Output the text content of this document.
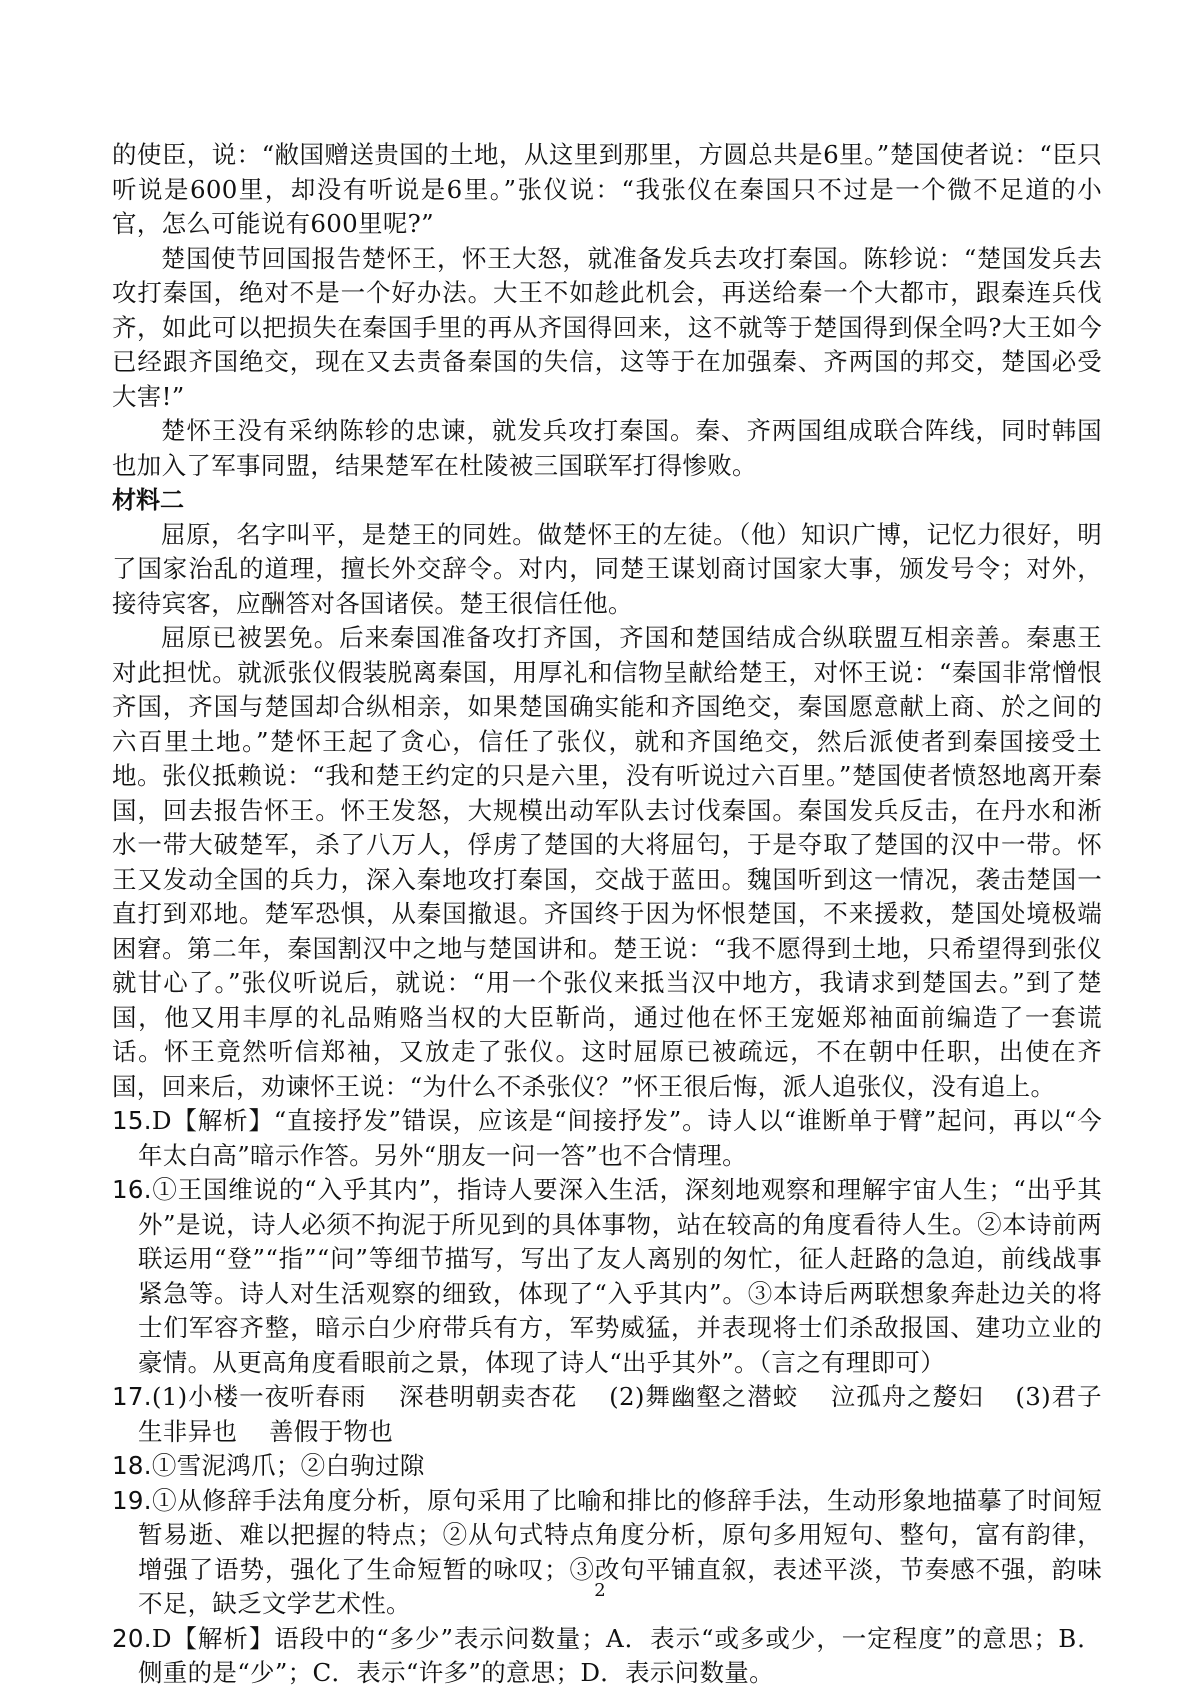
的使臣，说：“敝国赠送贵国的土地，从这里到那里，方圆总共是6里。”楚国使者说：“臣只听说是600里，却没有听说是6里。”张仪说：“我张仪在秦国只不过是一个微不足道的小官，怎么可能说有600里呢?”

楚国使节回国报告楚怀王，怀王大怒，就准备发兵去攻打秦国。陈轸说：“楚国发兵去攻打秦国，绝对不是一个好办法。大王不如趁此机会，再送给秦一个大都市，跟秦连兵伐齐，如此可以把损失在秦国手里的再从齐国得回来，这不就等于楚国得到保全吗?大王如今已经跟齐国绝交，现在又去责备秦国的失信，这等于在加强秦、齐两国的邦交，楚国必受大害!”

楚怀王没有采纳陈轸的忠谏，就发兵攻打秦国。秦、齐两国组成联合阵线，同时韩国也加入了军事同盟，结果楚军在杜陵被三国联军打得惨败。

材料二

屈原，名字叫平，是楚王的同姓。做楚怀王的左徒。（他）知识广博，记忆力很好，明了国家治乱的道理，擅长外交辞令。对内，同楚王谋划商讨国家大事，颁发号令；对外，接待宾客，应酬答对各国诸侯。楚王很信任他。

屈原已被罢免。后来秦国准备攻打齐国，齐国和楚国结成合纵联盟互相亲善。秦惠王对此担忧。就派张仪假装脱离秦国，用厚礼和信物呈献给楚王，对怀王说：“秦国非常憎恨齐国，齐国与楚国却合纵相亲，如果楚国确实能和齐国绝交，秦国愿意献上商、於之间的六百里土地。”楚怀王起了贪心，信任了张仪，就和齐国绝交，然后派使者到秦国接受土地。张仪抵赖说：“我和楚王约定的只是六里，没有听说过六百里。”楚国使者愤怒地离开秦国，回去报告怀王。怀王发怒，大规模出动军队去讨伐秦国。秦国发兵反击，在丹水和淅水一带大破楚军，杀了八万人，俘虏了楚国的大将屈匄，于是夺取了楚国的汉中一带。怀王又发动全国的兵力，深入秦地攻打秦国，交战于蓝田。魏国听到这一情况，袭击楚国一直打到邓地。楚军恐惧，从秦国撤退。齐国终于因为怀恨楚国，不来援救，楚国处境极端困窘。第二年，秦国割汉中之地与楚国讲和。楚王说：“我不愿得到土地，只希望得到张仪就甘心了。”张仪听说后，就说：“用一个张仪来抵当汉中地方，我请求到楚国去。”到了楚国，他又用丰厚的礼品贿赂当权的大臣靳尚，通过他在怀王宠姬郑袖面前编造了一套谎话。怀王竟然听信郑袖，又放走了张仪。这时屈原已被疏远，不在朝中任职，出使在齐国，回来后，劝谏怀王说：“为什么不杀张仪？”怀王很后悔，派人追张仪，没有追上。

15.D【解析】“直接抒发”错误，应该是“间接抒发”。诗人以“谁断单于臂”起问，再以“今年太白高”暗示作答。另外“朋友一问一答”也不合情理。

16.①王国维说的“入乎其内”，指诗人要深入生活，深刻地观察和理解宇宙人生；“出乎其外”是说，诗人必须不拘泥于所见到的具体事物，站在较高的角度看待人生。②本诗前两联运用“登”“指”“问”等细节描写，写出了友人离别的匆忙，征人赶路的急迫，前线战事紧急等。诗人对生活观察的细致，体现了“入乎其内”。③本诗后两联想象奔赴边关的将士们军容齐整，暗示白少府带兵有方，军势威猛，并表现将士们杀敌报国、建功立业的豪情。从更高角度看眼前之景，体现了诗人“出乎其外”。（言之有理即可）

17.(1)小楼一夜听春雨 深巷明朝卖杏花 (2)舞幽壑之潜蛟 泣孤舟之嫠妇 (3)君子生非异也 善假于物也

18.①雪泥鸿爪；②白驹过隙

19.①从修辞手法角度分析，原句采用了比喻和排比的修辞手法，生动形象地描摹了时间短暂易逝、难以把握的特点；②从句式特点角度分析，原句多用短句、整句，富有韵律，增强了语势，强化了生命短暂的咏叹；③改句平铺直叙，表述平淡，节奏感不强，韵味不足，缺乏文学艺术性。

20.D【解析】语段中的“多少”表示问数量；A．表示“或多或少，一定程度”的意思；B．侧重的是“少”；C．表示“许多”的意思；D．表示问数量。

2
